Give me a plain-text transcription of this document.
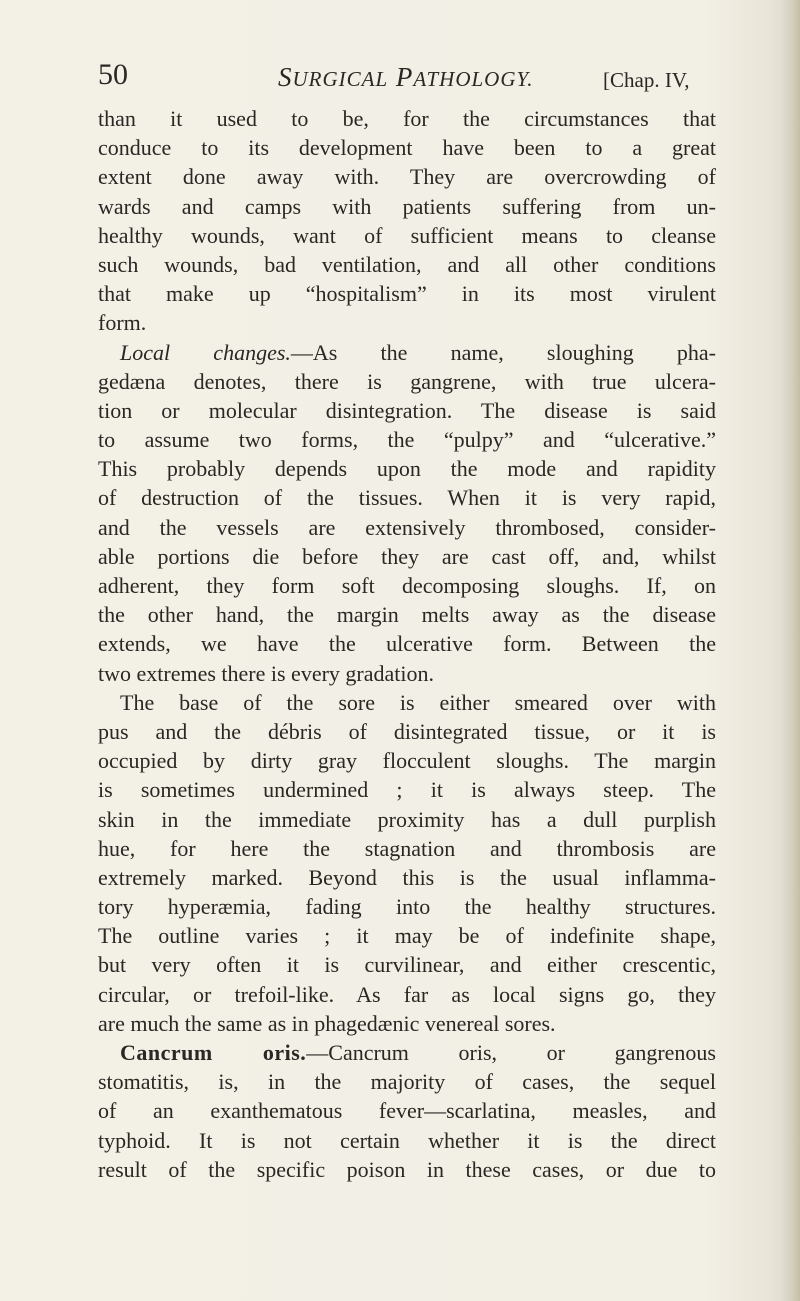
50	SURGICAL PATHOLOGY.	[Chap. IV,
than it used to be, for the circumstances that
conduce to its development have been to a great
extent done away with. They are overcrowding of
wards and camps with patients suffering from un-
healthy wounds, want of sufficient means to cleanse
such wounds, bad ventilation, and all other conditions
that make up “hospitalism” in its most virulent
form.
Local changes.—As the name, sloughing pha-
gedæna denotes, there is gangrene, with true ulcera-
tion or molecular disintegration. The disease is said
to assume two forms, the “pulpy” and “ulcerative.”
This probably depends upon the mode and rapidity
of destruction of the tissues. When it is very rapid,
and the vessels are extensively thrombosed, consider-
able portions die before they are cast off, and, whilst
adherent, they form soft decomposing sloughs. If, on
the other hand, the margin melts away as the disease
extends, we have the ulcerative form. Between the
two extremes there is every gradation.
The base of the sore is either smeared over with
pus and the débris of disintegrated tissue, or it is
occupied by dirty gray flocculent sloughs. The margin
is sometimes undermined ; it is always steep. The
skin in the immediate proximity has a dull purplish
hue, for here the stagnation and thrombosis are
extremely marked. Beyond this is the usual inflamma-
tory hyperæmia, fading into the healthy structures.
The outline varies ; it may be of indefinite shape,
but very often it is curvilinear, and either crescentic,
circular, or trefoil-like. As far as local signs go, they
are much the same as in phagedænic venereal sores.
Cancrum oris.—Cancrum oris, or gangrenous
stomatitis, is, in the majority of cases, the sequel
of an exanthematous fever—scarlatina, measles, and
typhoid. It is not certain whether it is the direct
result of the specific poison in these cases, or due to
